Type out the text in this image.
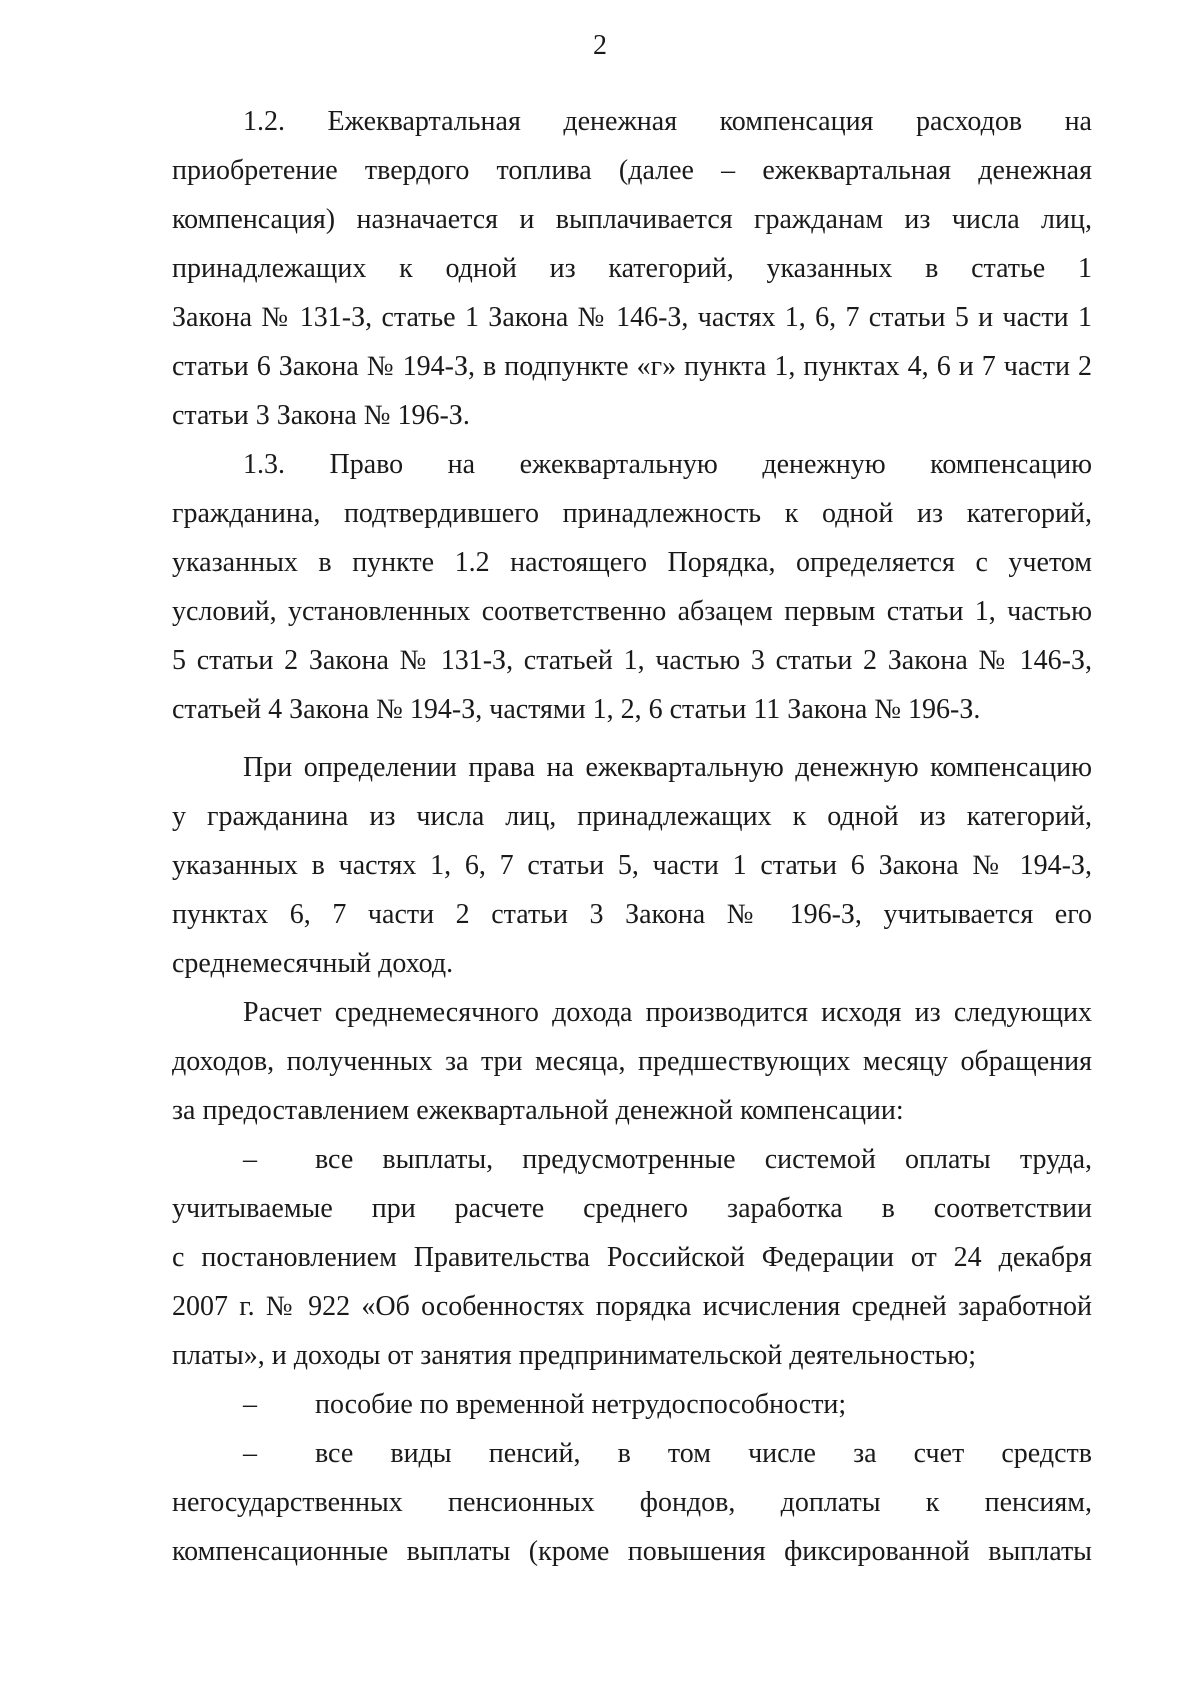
2
1.2. Ежеквартальная денежная компенсация расходов на
приобретение твердого топлива (далее – ежеквартальная денежная
компенсация) назначается и выплачивается гражданам из числа лиц,
принадлежащих к одной из категорий, указанных в статье 1
Закона № 131-З, статье 1 Закона № 146-З, частях 1, 6, 7 статьи 5 и части 1
статьи 6 Закона № 194-З, в подпункте «г» пункта 1, пунктах 4, 6 и 7 части 2
статьи 3 Закона № 196-З.
1.3. Право на ежеквартальную денежную компенсацию
гражданина, подтвердившего принадлежность к одной из категорий,
указанных в пункте 1.2 настоящего Порядка, определяется с учетом
условий, установленных соответственно абзацем первым статьи 1, частью
5 статьи 2 Закона № 131-З, статьей 1, частью 3 статьи 2 Закона № 146-З,
статьей 4 Закона № 194-З, частями 1, 2, 6 статьи 11 Закона № 196-З.
При определении права на ежеквартальную денежную компенсацию
у гражданина из числа лиц, принадлежащих к одной из категорий,
указанных в частях 1, 6, 7 статьи 5, части 1 статьи 6 Закона № 194-З,
пунктах 6, 7 части 2 статьи 3 Закона № 196-З, учитывается его
среднемесячный доход.
Расчет среднемесячного дохода производится исходя из следующих
доходов, полученных за три месяца, предшествующих месяцу обращения
за предоставлением ежеквартальной денежной компенсации:
– все выплаты, предусмотренные системой оплаты труда,
учитываемые при расчете среднего заработка в соответствии
с постановлением Правительства Российской Федерации от 24 декабря
2007 г. № 922 «Об особенностях порядка исчисления средней заработной
платы», и доходы от занятия предпринимательской деятельностью;
– пособие по временной нетрудоспособности;
– все виды пенсий, в том числе за счет средств
негосударственных пенсионных фондов, доплаты к пенсиям,
компенсационные выплаты (кроме повышения фиксированной выплаты
